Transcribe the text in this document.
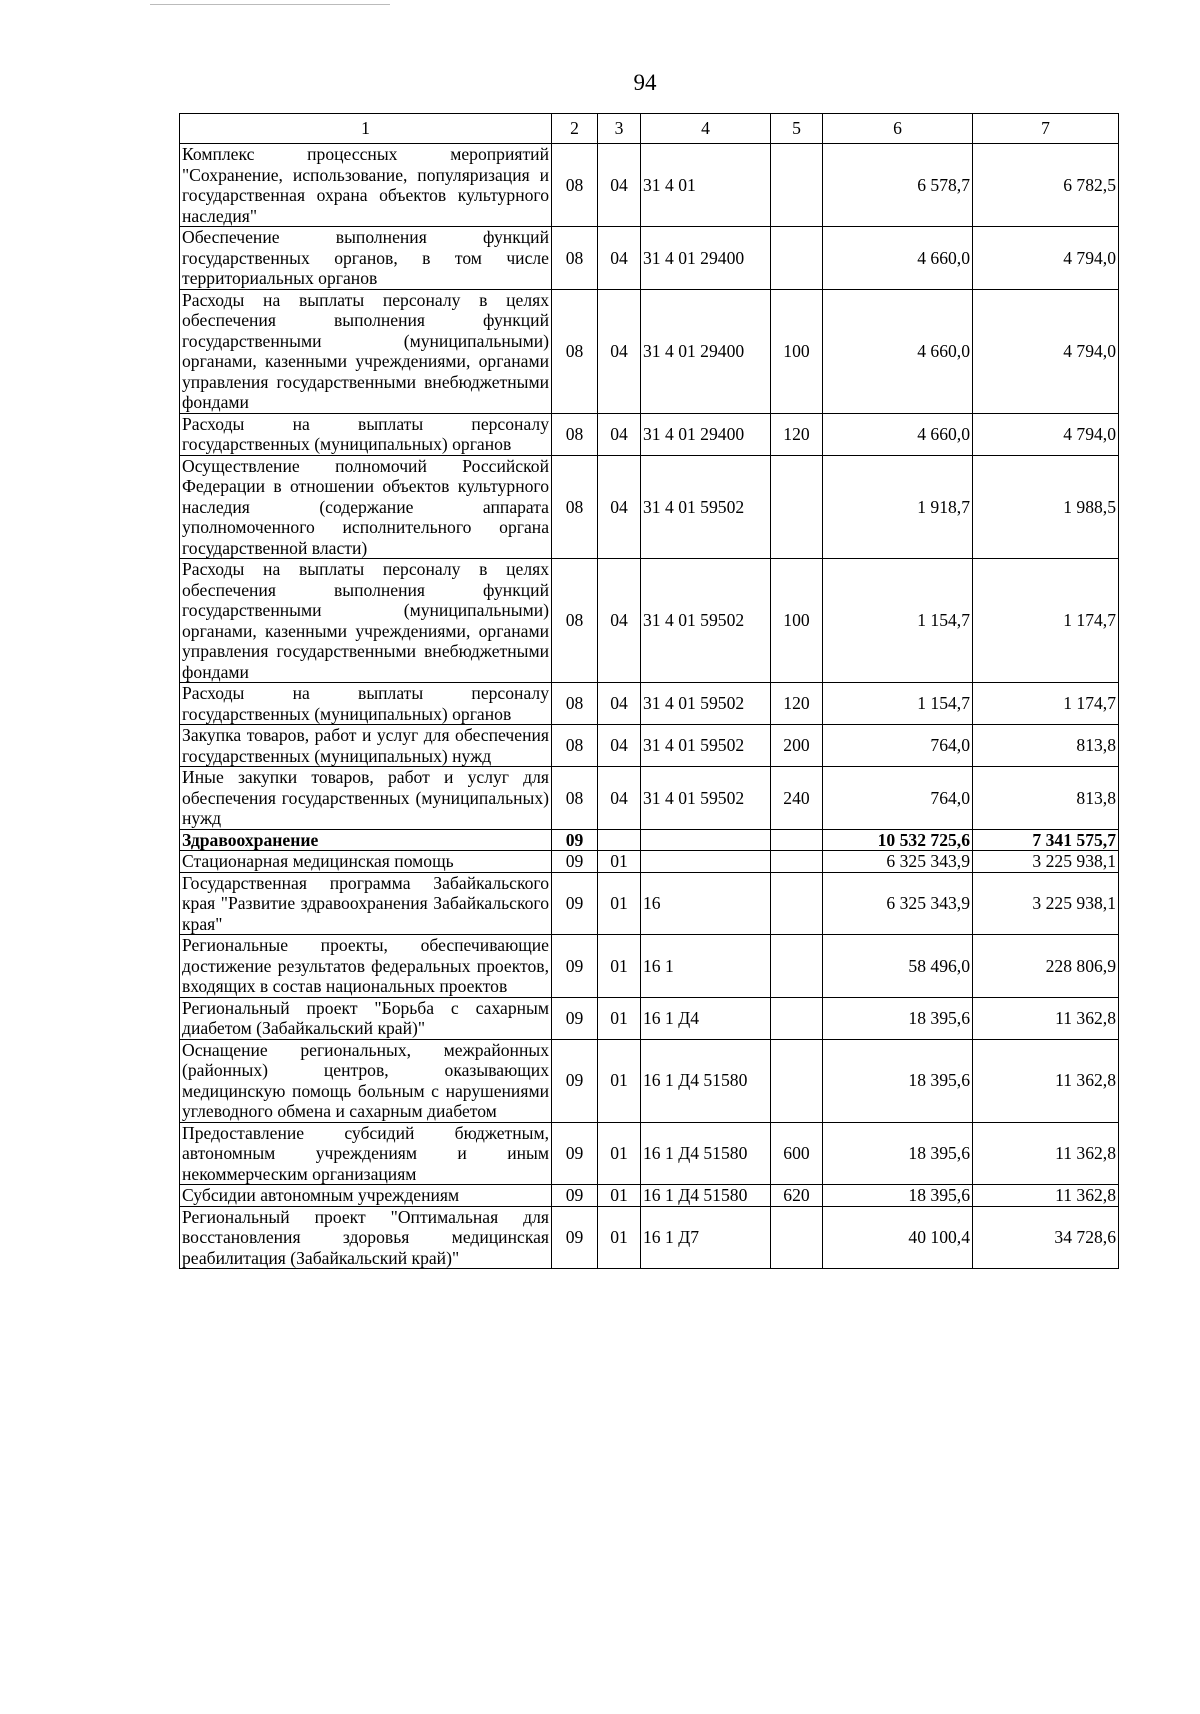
94
1	2	3	4	5	6	7
Комплекс процессных мероприятий "Сохранение, использование, популяризация и государственная охрана объектов культурного наследия"	08	04	31 4 01		6 578,7	6 782,5
Обеспечение выполнения функций государственных органов, в том числе территориальных органов	08	04	31 4 01 29400		4 660,0	4 794,0
Расходы на выплаты персоналу в целях обеспечения выполнения функций государственными (муниципальными) органами, казенными учреждениями, органами управления государственными внебюджетными фондами	08	04	31 4 01 29400	100	4 660,0	4 794,0
Расходы на выплаты персоналу государственных (муниципальных) органов	08	04	31 4 01 29400	120	4 660,0	4 794,0
Осуществление полномочий Российской Федерации в отношении объектов культурного наследия (содержание аппарата уполномоченного исполнительного органа государственной власти)	08	04	31 4 01 59502		1 918,7	1 988,5
Расходы на выплаты персоналу в целях обеспечения выполнения функций государственными (муниципальными) органами, казенными учреждениями, органами управления государственными внебюджетными фондами	08	04	31 4 01 59502	100	1 154,7	1 174,7
Расходы на выплаты персоналу государственных (муниципальных) органов	08	04	31 4 01 59502	120	1 154,7	1 174,7
Закупка товаров, работ и услуг для обеспечения государственных (муниципальных) нужд	08	04	31 4 01 59502	200	764,0	813,8
Иные закупки товаров, работ и услуг для обеспечения государственных (муниципальных) нужд	08	04	31 4 01 59502	240	764,0	813,8
Здравоохранение	09				10 532 725,6	7 341 575,7
Стационарная медицинская помощь	09	01			6 325 343,9	3 225 938,1
Государственная программа Забайкальского края "Развитие здравоохранения Забайкальского края"	09	01	16		6 325 343,9	3 225 938,1
Региональные проекты, обеспечивающие достижение результатов федеральных проектов, входящих в состав национальных проектов	09	01	16 1		58 496,0	228 806,9
Региональный проект "Борьба с сахарным диабетом (Забайкальский край)"	09	01	16 1 Д4		18 395,6	11 362,8
Оснащение региональных, межрайонных (районных) центров, оказывающих медицинскую помощь больным с нарушениями углеводного обмена и сахарным диабетом	09	01	16 1 Д4 51580		18 395,6	11 362,8
Предоставление субсидий бюджетным, автономным учреждениям и иным некоммерческим организациям	09	01	16 1 Д4 51580	600	18 395,6	11 362,8
Субсидии автономным учреждениям	09	01	16 1 Д4 51580	620	18 395,6	11 362,8
Региональный проект "Оптимальная для восстановления здоровья медицинская реабилитация (Забайкальский край)"	09	01	16 1 Д7		40 100,4	34 728,6
